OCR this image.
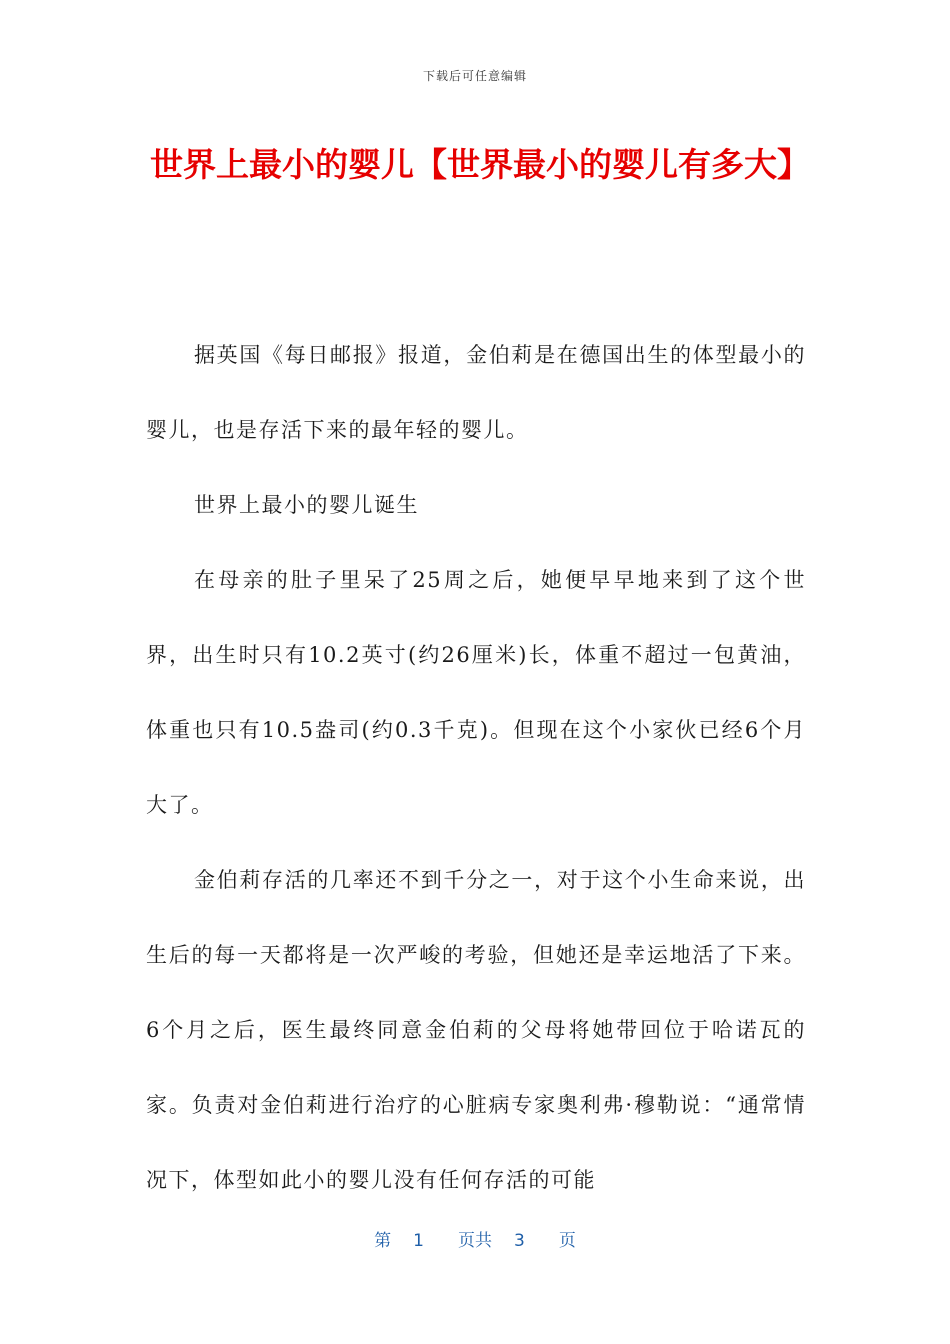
下载后可任意编辑
世界上最小的婴儿【世界最小的婴儿有多大】

据英国《每日邮报》报道，金伯莉是在德国出生的体型最小的婴儿，也是存活下来的最年轻的婴儿。

世界上最小的婴儿诞生

在母亲的肚子里呆了25周之后，她便早早地来到了这个世界，出生时只有10.2英寸(约26厘米)长，体重不超过一包黄油，体重也只有10.5盎司(约0.3千克)。但现在这个小家伙已经6个月大了。

金伯莉存活的几率还不到千分之一，对于这个小生命来说，出生后的每一天都将是一次严峻的考验，但她还是幸运地活了下来。6个月之后，医生最终同意金伯莉的父母将她带回位于哈诺瓦的家。负责对金伯莉进行治疗的心脏病专家奥利弗·穆勒说：“通常情况下，体型如此小的婴儿没有任何存活的可能

第 1 页共 3 页
